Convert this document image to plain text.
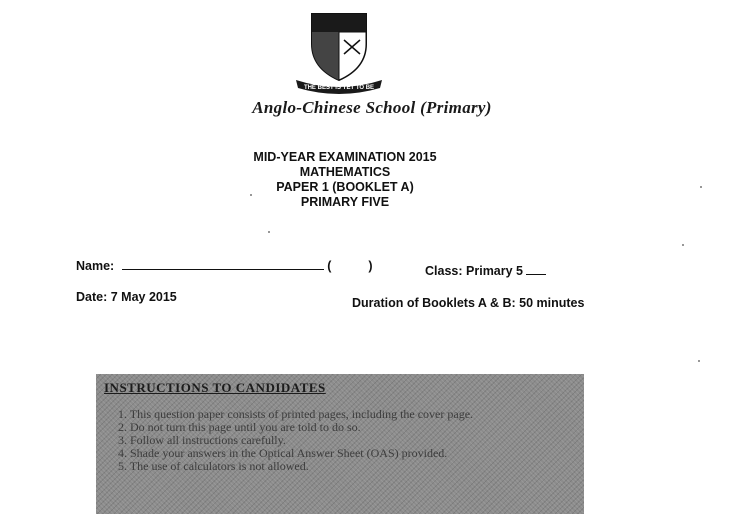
THE BEST IS YET TO BE
Anglo-Chinese School (Primary)
MID-YEAR EXAMINATION 2015
MATHEMATICS
PAPER 1 (BOOKLET A)
PRIMARY FIVE
Name:	(	)	Class: Primary 5
Date: 7 May 2015	Duration of Booklets A & B: 50 minutes
INSTRUCTIONS TO CANDIDATES
1. This question paper consists of printed pages, including the cover page.
2. Do not turn this page until you are told to do so.
3. Follow all instructions carefully.
4. Shade your answers in the Optical Answer Sheet (OAS) provided.
5. The use of calculators is not allowed.
